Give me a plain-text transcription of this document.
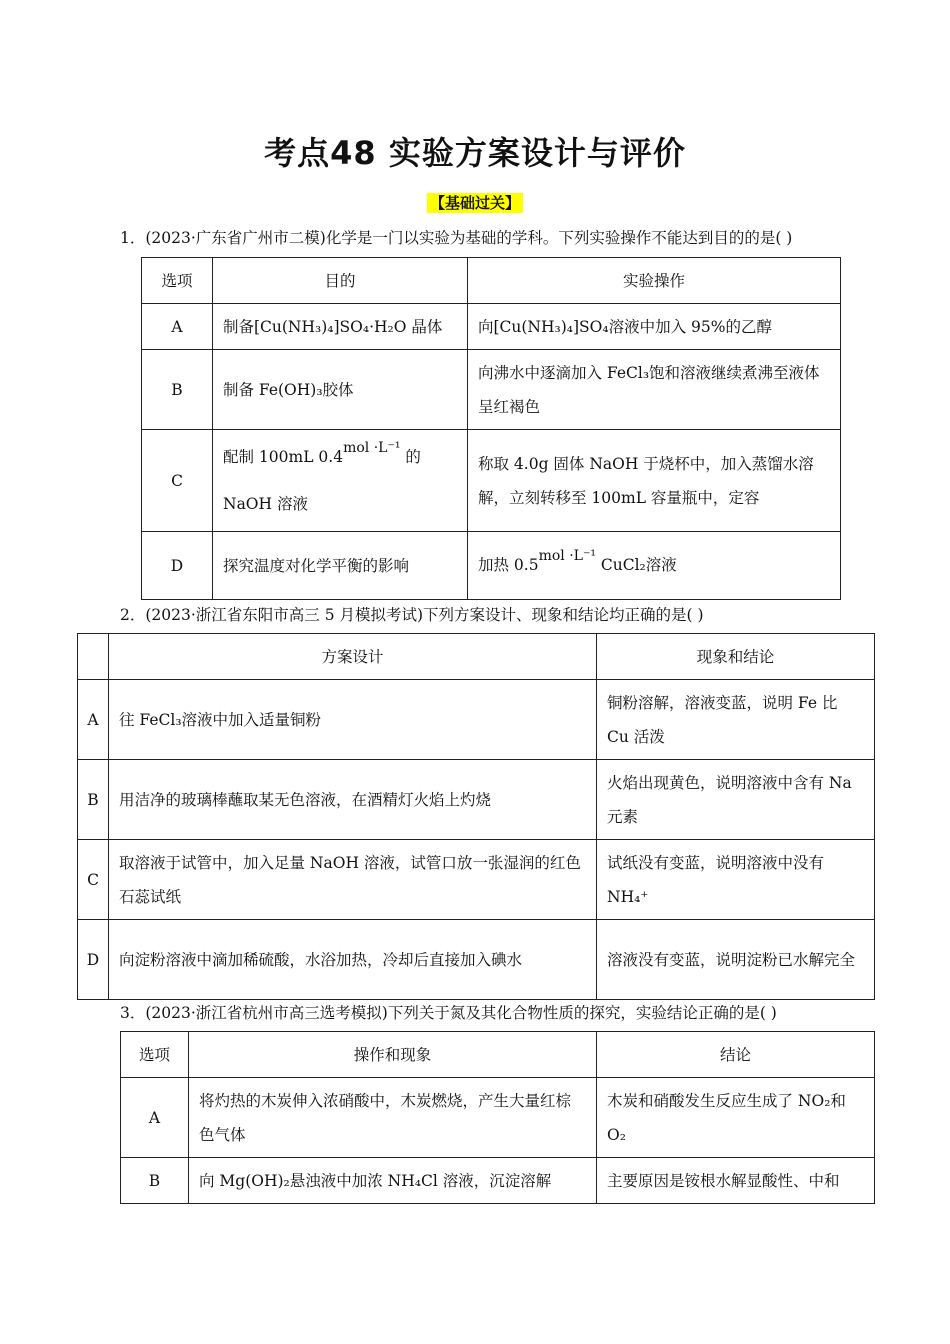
考点48 实验方案设计与评价
【基础过关】
1．(2023·广东省广州市二模)化学是一门以实验为基础的学科。下列实验操作不能达到目的的是( )
选项	目的	实验操作
A	制备[Cu(NH₃)₄]SO₄·H₂O 晶体	向[Cu(NH₃)₄]SO₄溶液中加入 95%的乙醇
B	制备 Fe(OH)₃胶体	向沸水中逐滴加入 FeCl₃饱和溶液继续煮沸至液体呈红褐色
C	配制 100mL 0.4mol ·L⁻¹ 的 NaOH 溶液	称取 4.0g 固体 NaOH 于烧杯中，加入蒸馏水溶解，立刻转移至 100mL 容量瓶中，定容
D	探究温度对化学平衡的影响	加热 0.5mol ·L⁻¹ CuCl₂溶液
2．(2023·浙江省东阳市高三 5 月模拟考试)下列方案设计、现象和结论均正确的是( )
	方案设计	现象和结论
A	往 FeCl₃溶液中加入适量铜粉	铜粉溶解，溶液变蓝，说明 Fe 比 Cu 活泼
B	用洁净的玻璃棒蘸取某无色溶液，在酒精灯火焰上灼烧	火焰出现黄色，说明溶液中含有 Na 元素
C	取溶液于试管中，加入足量 NaOH 溶液，试管口放一张湿润的红色石蕊试纸	试纸没有变蓝，说明溶液中没有 NH₄⁺
D	向淀粉溶液中滴加稀硫酸，水浴加热，冷却后直接加入碘水	溶液没有变蓝，说明淀粉已水解完全
3．(2023·浙江省杭州市高三选考模拟)下列关于氮及其化合物性质的探究，实验结论正确的是( )
选项	操作和现象	结论
A	将灼热的木炭伸入浓硝酸中，木炭燃烧，产生大量红棕色气体	木炭和硝酸发生反应生成了 NO₂和 O₂
B	向 Mg(OH)₂悬浊液中加浓 NH₄Cl 溶液，沉淀溶解	主要原因是铵根水解显酸性、中和
